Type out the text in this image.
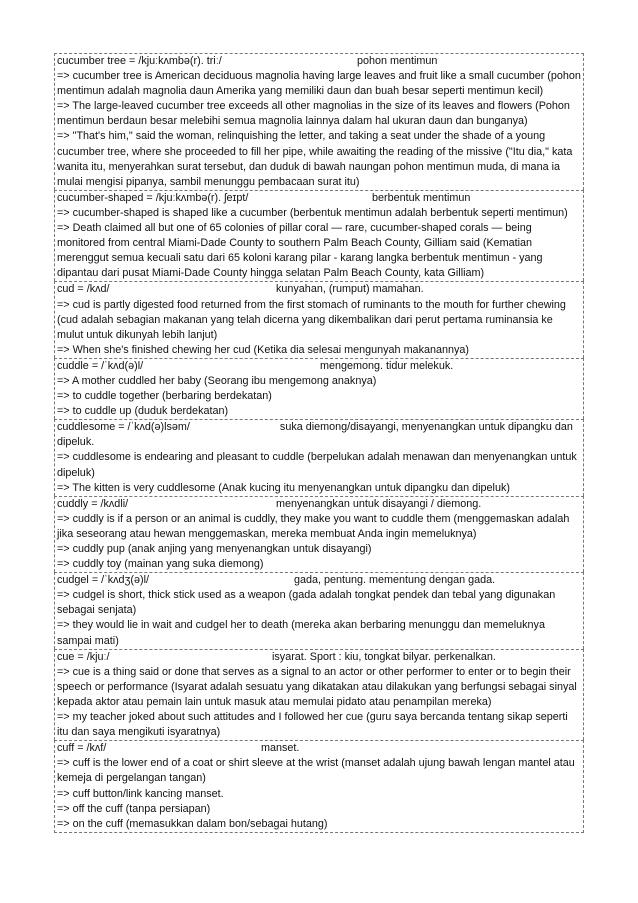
cucumber tree = /kjuːkʌmbə(r). triː/	pohon mentimun
=> cucumber tree is American deciduous magnolia having large leaves and fruit like a small cucumber (pohon mentimun adalah magnolia daun Amerika yang memiliki daun dan buah besar seperti mentimun kecil)
=> The large-leaved cucumber tree exceeds all other magnolias in the size of its leaves and flowers (Pohon mentimun berdaun besar melebihi semua magnolia lainnya dalam hal ukuran daun dan bunganya)
=> "That's him," said the woman, relinquishing the letter, and taking a seat under the shade of a young cucumber tree, where she proceeded to fill her pipe, while awaiting the reading of the missive ("Itu dia," kata wanita itu, menyerahkan surat tersebut, dan duduk di bawah naungan pohon mentimun muda, di mana ia mulai mengisi pipanya, sambil menunggu pembacaan surat itu)
cucumber-shaped = /kjuːkʌmbə(r). ʃeɪpt/	berbentuk mentimun
=> cucumber-shaped is shaped like a cucumber (berbentuk mentimun adalah berbentuk seperti mentimun)
=> Death claimed all but one of 65 colonies of pillar coral — rare, cucumber-shaped corals — being monitored from central Miami-Dade County to southern Palm Beach County, Gilliam said (Kematian merenggut semua kecuali satu dari 65 koloni karang pilar - karang langka berbentuk mentimun - yang dipantau dari pusat Miami-Dade County hingga selatan Palm Beach County, kata Gilliam)
cud = /kʌd/	kunyahan, (rumput) mamahan.
=> cud is partly digested food returned from the first stomach of ruminants to the mouth for further chewing (cud adalah sebagian makanan yang telah dicerna yang dikembalikan dari perut pertama ruminansia ke mulut untuk dikunyah lebih lanjut)
=> When she's finished chewing her cud (Ketika dia selesai mengunyah makanannya)
cuddle = /ˈkʌd(ə)l/	mengemong. tidur melekuk.
=> A mother cuddled her baby (Seorang ibu mengemong anaknya)
=> to cuddle together (berbaring berdekatan)
=> to cuddle up (duduk berdekatan)
cuddlesome = /ˈkʌd(ə)lsəm/	suka diemong/disayangi, menyenangkan untuk dipangku dan dipeluk.
=> cuddlesome is endearing and pleasant to cuddle (berpelukan adalah menawan dan menyenangkan untuk dipeluk)
=> The kitten is very cuddlesome (Anak kucing itu menyenangkan untuk dipangku dan dipeluk)
cuddly = /kʌdli/	menyenangkan untuk disayangi / diemong.
=> cuddly is if a person or an animal is cuddly, they make you want to cuddle them (menggemaskan adalah jika seseorang atau hewan menggemaskan, mereka membuat Anda ingin memeluknya)
=> cuddly pup (anak anjing yang menyenangkan untuk disayangi)
=> cuddly toy (mainan yang suka diemong)
cudgel = /ˈkʌdʒ(ə)l/	gada, pentung. mementung dengan gada.
=> cudgel is short, thick stick used as a weapon (gada adalah tongkat pendek dan tebal yang digunakan sebagai senjata)
=> they would lie in wait and cudgel her to death (mereka akan berbaring menunggu dan memeluknya sampai mati)
cue = /kjuː/	isyarat. Sport : kiu, tongkat bilyar. perkenalkan.
=> cue is a thing said or done that serves as a signal to an actor or other performer to enter or to begin their speech or performance (Isyarat adalah sesuatu yang dikatakan atau dilakukan yang berfungsi sebagai sinyal kepada aktor atau pemain lain untuk masuk atau memulai pidato atau penampilan mereka)
=> my teacher joked about such attitudes and I followed her cue (guru saya bercanda tentang sikap seperti itu dan saya mengikuti isyaratnya)
cuff = /kʌf/	manset.
=> cuff is the lower end of a coat or shirt sleeve at the wrist (manset adalah ujung bawah lengan mantel atau kemeja di pergelangan tangan)
=> cuff button/link kancing manset.
=> off the cuff (tanpa persiapan)
=> on the cuff (memasukkan dalam bon/sebagai hutang)
